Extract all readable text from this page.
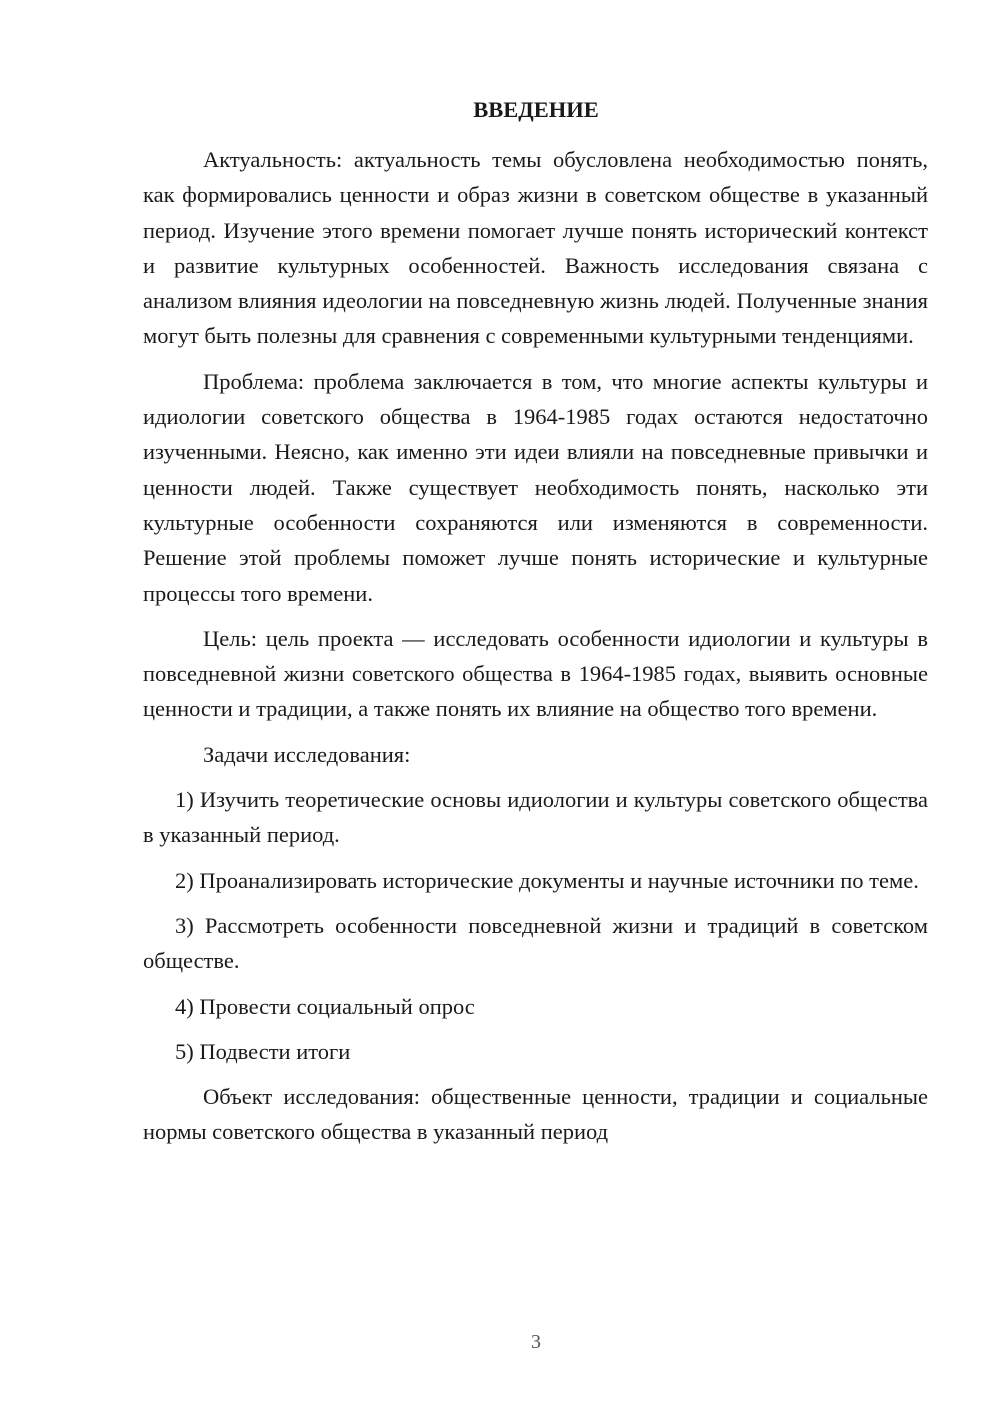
ВВЕДЕНИЕ

Актуальность: актуальность темы обусловлена необходимостью понять, как формировались ценности и образ жизни в советском обществе в указанный период. Изучение этого времени помогает лучше понять исторический контекст и развитие культурных особенностей. Важность исследования связана с анализом влияния идеологии на повседневную жизнь людей. Полученные знания могут быть полезны для сравнения с современными культурными тенденциями.

Проблема: проблема заключается в том, что многие аспекты культуры и идиологии советского общества в 1964-1985 годах остаются недостаточно изученными. Неясно, как именно эти идеи влияли на повседневные привычки и ценности людей. Также существует необходимость понять, насколько эти культурные особенности сохраняются или изменяются в современности. Решение этой проблемы поможет лучше понять исторические и культурные процессы того времени.

Цель: цель проекта — исследовать особенности идиологии и культуры в повседневной жизни советского общества в 1964-1985 годах, выявить основные ценности и традиции, а также понять их влияние на общество того времени.

Задачи исследования:

1) Изучить теоретические основы идиологии и культуры советского общества в указанный период.

2) Проанализировать исторические документы и научные источники по теме.

3) Рассмотреть особенности повседневной жизни и традиций в советском обществе.

4) Провести социальный опрос

5) Подвести итоги

Объект исследования: общественные ценности, традиции и социальные нормы советского общества в указанный период

3
